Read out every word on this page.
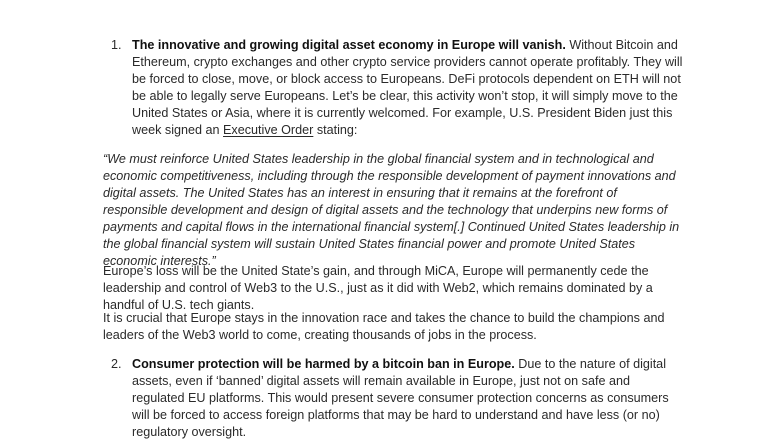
1. The innovative and growing digital asset economy in Europe will vanish. Without Bitcoin and Ethereum, crypto exchanges and other crypto service providers cannot operate profitably. They will be forced to close, move, or block access to Europeans. DeFi protocols dependent on ETH will not be able to legally serve Europeans. Let’s be clear, this activity won’t stop, it will simply move to the United States or Asia, where it is currently welcomed. For example, U.S. President Biden just this week signed an Executive Order stating:
“We must reinforce United States leadership in the global financial system and in technological and economic competitiveness, including through the responsible development of payment innovations and digital assets. The United States has an interest in ensuring that it remains at the forefront of responsible development and design of digital assets and the technology that underpins new forms of payments and capital flows in the international financial system[.] Continued United States leadership in the global financial system will sustain United States financial power and promote United States economic interests.”
Europe’s loss will be the United State’s gain, and through MiCA, Europe will permanently cede the leadership and control of Web3 to the U.S., just as it did with Web2, which remains dominated by a handful of U.S. tech giants.
It is crucial that Europe stays in the innovation race and takes the chance to build the champions and leaders of the Web3 world to come, creating thousands of jobs in the process.
2. Consumer protection will be harmed by a bitcoin ban in Europe. Due to the nature of digital assets, even if ‘banned’ digital assets will remain available in Europe, just not on safe and regulated EU platforms. This would present severe consumer protection concerns as consumers will be forced to access foreign platforms that may be hard to understand and have less (or no) regulatory oversight.
